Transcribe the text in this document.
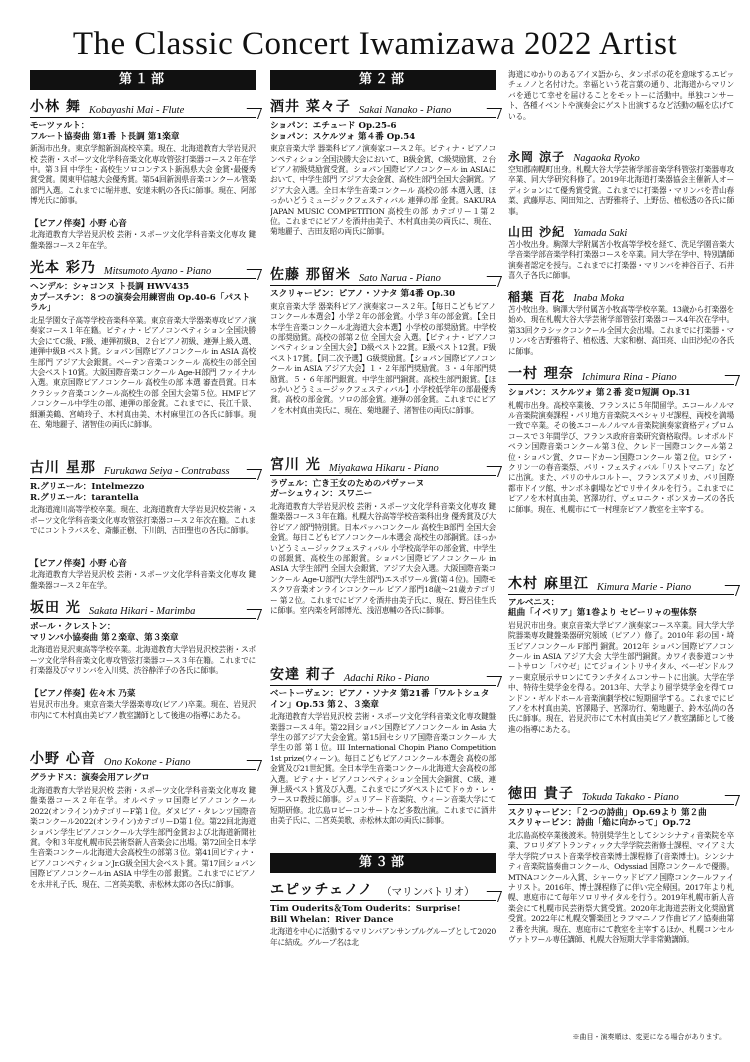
The Classic Concert Iwamizawa 2022 Artist
第１部
小林 舞 Kobayashi Mai - Flute
モーツァルト：
フルート協奏曲 第1番 ト長調 第1楽章
新潟市出身。東京学館新潟高校卒業。現在、北海道教育大学岩見沢校 芸術・スポーツ文化学科音楽文化専攻管弦打楽器コース２年在学中。第３回 中学生・高校生ソロコンテスト新潟県大会 金賞･最優秀賞受賞。関東甲信越大会優秀賞。第54回新潟県音楽コンクール管楽部門入選。これまでに堀井恵、安達未帆の各氏に師事。現在、阿部博光氏に師事。
【ピアノ伴奏】小野 心音
北海道教育大学岩見沢校 芸術・スポーツ文化学科音楽文化専攻 鍵盤楽器コース２年在学。
光本 彩乃 Mitsumoto Ayano - Piano
ヘンデル：シャコンヌ ト長調 HWV435
カプースチン：８つの演奏会用練習曲 Op.40-6「パストラル」
北星学園女子高等学校音楽科卒業。東京音楽大学器楽専攻ピアノ演奏家コース１年在籍。ピティナ・ピアノコンペティション全国決勝大会にてC級、F級、連弾初級B、２台ピアノ初級、連弾上級入選、連弾中級B ベスト賞。ショパン国際ピアノコンクール in ASIA 高校生部門 アジア大会銀賞。ベーテン音楽コンクール 高校生の部全国大会ベスト10賞。大阪国際音楽コンクール Age-H部門 ファイナル入選。東京国際ピアノコンクール 高校生の部 本選 審査員賞。日本クラシック音楽コンクール高校生の部 全国大会第５位。HMFピアノコンクール中学生の部、連弾の部金賞。これまでに、長江千景、細瀬美鶴、宮崎玲子、木村真由美、木村麻里江の各氏に師事。現在、菊地麗子、渚智佳の両氏に師事。
古川 星那 Furukawa Seiya - Contrabass
R.グリエール：Intelmezzo
R.グリエール：tarantella
北海道滝川高等学校卒業。現在、北海道教育大学岩見沢校芸術・スポーツ文化学科音楽文化専攻管弦打楽器コース２年次在籍。これまでにコントラバスを、斎藤正樹、下川朗、吉田聖也の各氏に師事。
【ピアノ伴奏】小野 心音
北海道教育大学岩見沢校 芸術・スポーツ文化学科音楽文化専攻 鍵盤楽器コース２年在学。
坂田 光 Sakata Hikari - Marimba
ポール・クレストン：
マリンバ小協奏曲 第２楽章、第３楽章
北海道岩見沢東高等学校卒業。北海道教育大学岩見沢校芸術・スポーツ文化学科音楽文化専攻管弦打楽器コース３年在籍。これまでに打楽器及びマリンバを入川奨、渋谷静洋子の各氏に師事。
【ピアノ伴奏】佐々木 乃菜
岩見沢市出身。東京音楽大学器楽専攻(ピアノ)卒業。現在、岩見沢市内にて木村真由美ピアノ教室講師として後進の指導にあたる。
小野 心音 Ono Kokone - Piano
グラナドス：演奏会用アレグロ
北海道教育大学岩見沢校 芸術・スポーツ文化学科音楽文化専攻 鍵盤楽器コース２年在学。オルベテッロ国際ピアノコンクール2022(オンライン)カテゴリーF第１位。ダヌビア・タレンツ国際音楽コンクール2022(オンライン)カテゴリーD第１位。第22回北海道ショパン学生ピアノコンクール大学生部門金賞および北海道新聞社賞。令和３年度札幌市民芸術祭新人音楽会に出場。第72回全日本学生音楽コンクール北海道大会高校生の部第３位。第41回ピティナ・ピアノコンペティションJr.G級全国大会ベスト賞。第17回ショパン国際ピアノコンクールin ASIA 中学生の部 銀賞。これまでにピアノを永井礼子氏、現在、二宮英美歌、赤松林太郎の各氏に師事。
第２部
酒井 菜々子 Sakai Nanako - Piano
ショパン：エチュード Op.25-6
ショパン：スケルツォ 第４番 Op.54
東京音楽大学 器楽科ピアノ演奏家コース２年。ピティナ・ピアノコンペティション全国決勝大会において、B級金賞、C級奨励賞、２台ピアノ初級奨励賞受賞。ショパン国際ピアノコンクール in ASIAにおいて、中学生部門 アジア大会金賞、高校生部門全国大会銅賞。アジア大会入選。全日本学生音楽コンクール 高校の部 本選入選、ほっかいどうミュージックフェスティバル 連弾の部 金賞。SAKURA JAPAN MUSIC COMPETITION 高校生の部 カテゴリー１第２位。これまでにピアノを酒井由美子、木村真由美の両氏に、現在、菊地麗子、吉田友昭の両氏に師事。
佐藤 那留米 Sato Narua - Piano
スクリャービン：ピアノ・ソナタ 第4番 Op.30
東京音楽大学 器楽科ピアノ演奏家コース２年。【毎日こどもピアノコンクール本選会】小学２年の部金賞。小学３年の部金賞。【全日本学生音楽コンクール北海道大会本選】小学校の部奨励賞。中学校の部奨励賞。高校の部第２位 全国大会 入選。【ピティナ・ピアノコンペティション全国大会】D級ベスト22賞。E級ベスト12賞。F級ベスト17賞。【同二次予選】G級奨励賞。【ショパン国際ピアノコンクール in ASIA アジア大会】１・２年部門奨励賞。３・４年部門奨励賞。５・６年部門銀賞。中学生部門銅賞。高校生部門銀賞。【ほっかいどうミュージックフェスティバル】小学校低学年の部最優秀賞。高校の部金賞。ソロの部金賞。連弾の部金賞。これまでにピアノを木村真由美氏に、現在、菊地麗子、渚智佳の両氏に師事。
宮川 光 Miyakawa Hikaru - Piano
ラヴェル：亡き王女のためのパヴァーヌ
ガーシュウィン：スワニー
北海道教育大学岩見沢校 芸術・スポーツ文化学科音楽文化専攻 鍵盤楽器コース３年在籍。札幌大谷高等学校音楽科出身 優秀賞及び大谷ピアノ部門特別賞。日本パッハコンクール 高校生B部門 全国大会金賞。毎日こどもピアノコンクール本選会 高校生の部銅賞。ほっかいどうミュージックフェスティバル 小学校高学年の部金賞、中学生の部銀賞、高校生の部銀賞。ショパン国際ピアノコンクール in ASIA 大学生部門 全国大会銀賞、アジア大会入選。大阪国際音楽コンクール Age-U部門(大学生部門)エスポワール賞(第４位)。国際モスクワ音楽オンラインコンクール ピアノ部門18歳〜21歳カテゴリー 第２位。これまでにピアノを酒井由美子氏に、現在、野呂佳生氏に師事。室内楽を阿部博光、浅沼恵輔の各氏に師事。
安達 莉子 Adachi Riko - Piano
ベートーヴェン：ピアノ・ソナタ 第21番「ワルトシュタイン」Op.53 第２、３楽章
北海道教育大学岩見沢校 芸術・スポーツ文化学科音楽文化専攻鍵盤楽器コース４年。第22回ショパン国際ピアノコンクール in Asia 大学生の部アジア大会金賞。第15回セシリア国際音楽コンクール 大学生の部 第１位。III International Chopin Piano Competition 1st prize(ウィーン)。毎日こどもピアノコンクール本選会 高校の部 金賞及び21世紀賞。全日本学生音楽コンクール北海道大会高校の部入選。ピティナ・ピアノコンペティション全国大会銅賞、C級、連弾上級ベスト賞及び入選。これまでにブダペストにてドゥカ・レ・ラースロ教授に師事。ジュリアード音楽院、ウィーン音楽大学にて短期研修。北広島ロビーコンサートなど多数出演。これまでに酒井由美子氏に、二宮英美歌、赤松林太郎の両氏に師事。
第３部
エピッチェノノ （マリンバトリオ）
Tim Ouderits＆Tom Ouderits：Surprise!
Bill Whelan：River Dance
北海道を中心に活動するマリンバアンサンブルグループとして2020年に結成。グループ名は北
海道にゆかりのあるアイヌ語から、タンポポの花を意味するエピッチェノノと名付けた。幸福という花言葉の通り、北海道からマリンバを通じて幸せを届けることをモットーに活動中。単独コンサート、各種イベントや演奏会にゲスト出演するなど活動の幅を広げている。
永岡 涼子 Nagaoka Ryoko
空知郡南幌町出身。札幌大谷大学芸術学部音楽学科管弦打楽器専攻卒業、同大学研究科修了。2019年北海道打楽器協会主催新人オーディションにて優秀賞受賞。これまでに打楽器・マリンバを青山春菜、武藤厚志、岡田知之、吉野雅将子、上野岳、植松透の各氏に師事。
山田 沙紀 Yamada Saki
苫小牧出身。駒澤大学附属苫小牧高等学校を経て、洗足学園音楽大学音楽学部音楽学科打楽器コースを卒業。同大学在学中、特別講師演奏者認定を授与。これまでに打楽器・マリンバを神谷百子、石井喜久子各氏に師事。
稲葉 百花 Inaba Moka
苫小牧出身。駒澤大学付属苫小牧高等学校卒業。13歳から打楽器を始め、現在札幌大谷大学芸術学部管弦打楽器コース4年次在学中。第33回クラシックコンクール全国大会出場。これまでに打楽器・マリンバを吉野雅将子、植松透、大家和樹、高田亮、山田沙紀の各氏に師事。
一村 理奈 Ichimura Rina - Piano
ショパン：スケルツォ 第２番 変ロ短調 Op.31
札幌市出身。高校卒業後、フランスに５年間留学。エコールノルマル音楽院演奏課程・パリ地方音楽院スペシャリゼ課程、両校を満場一致で卒業。その後エコールノルマル音楽院演奏家資格ディプロムコースで３年間学び、フランス政府音楽研究資格取得。レオポルドベラン国際音楽コンクール第３位、クレド一国際コンクール第２位・ショパン賞、クロードカーン国際コンクール 第２位。ロシア・クリン一の春音楽祭、パリ・フェスティバル「リストマニア」などに出演。また、パリのサルコルトー、フランスアメリカ、パリ国際都市ドイツ館、サンボネ劇場などでリサイタルを行う。これまでにピアノを木村真由美、宮澤功行、ヴェロニク・ボンヌカーズの各氏に師事。現在、札幌市にて一村理奈ピアノ教室を主宰する。
木村 麻里江 Kimura Marie - Piano
アルベニス：
組曲「イベリア」第1巻より セビーリャの聖体祭
岩見沢市出身。東京音楽大学ピアノ演奏家コース卒業。同大学大学院器楽専攻鍵盤楽器研究領域（ピアノ）修了。2010年 彩の国・埼玉ピアノコンクール F部門 銅賞。2012年 ショパン国際ピアノコンクール in ASIA アジア大会 大学生部門銅賞。カワイ表参道コンサートサロン「パウゼ」にてジョイントリサイタル、ベーゼンドルファー東京展示サロンにてランチタイムコンサートに出演。大学在学中、特待生奨学金を得る。2013年、大学より留学奨学金を得てロンドン・ギルドホール音楽演劇学校に短期留学する。これまでにピアノを木村真由美、宮澤陽子、宮澤功行、菊地麗子、鈴木弘尚の各氏に師事。現在、岩見沢市にて木村真由美ピアノ教室講師として後進の指導にあたる。
徳田 貴子 Tokuda Takako - Piano
スクリャービン：「２つの詩曲」Op.69より 第２曲
スクリャービン：詩曲「焔に向かって」Op.72
北広島高校卒業後渡米。特別奨学生としてシンシナティ音楽院を卒業、フロリダアトランティック大学学院芸術修士課程、マイアミ大学大学院プロスト音楽学校音楽博士課程修了(音楽博士)。シンシナティ音楽院協奏曲コンクール、Odyssiad 国際コンクールで優勝。MTNAコンクール入賞、シャーウッドピアノ国際コンクールファイナリスト。2016年、博士課程修了に伴い完全帰国。2017年より札幌、恵庭市にて毎年ソロリサイタルを行う。2019年札幌市新人音楽会にて札幌市民芸術祭大賞受賞。2020年北海道芸術文化奨励賞受賞。2022年に札幌交響楽団とラフマニノフ作曲ピアノ協奏曲第２番を共演。現在、恵庭市にて教室を主宰するほか、札幌コンセルヴァトワール専任講師、札幌大谷短期大学非常勤講師。
※曲目・演奏順は、変更になる場合があります。
